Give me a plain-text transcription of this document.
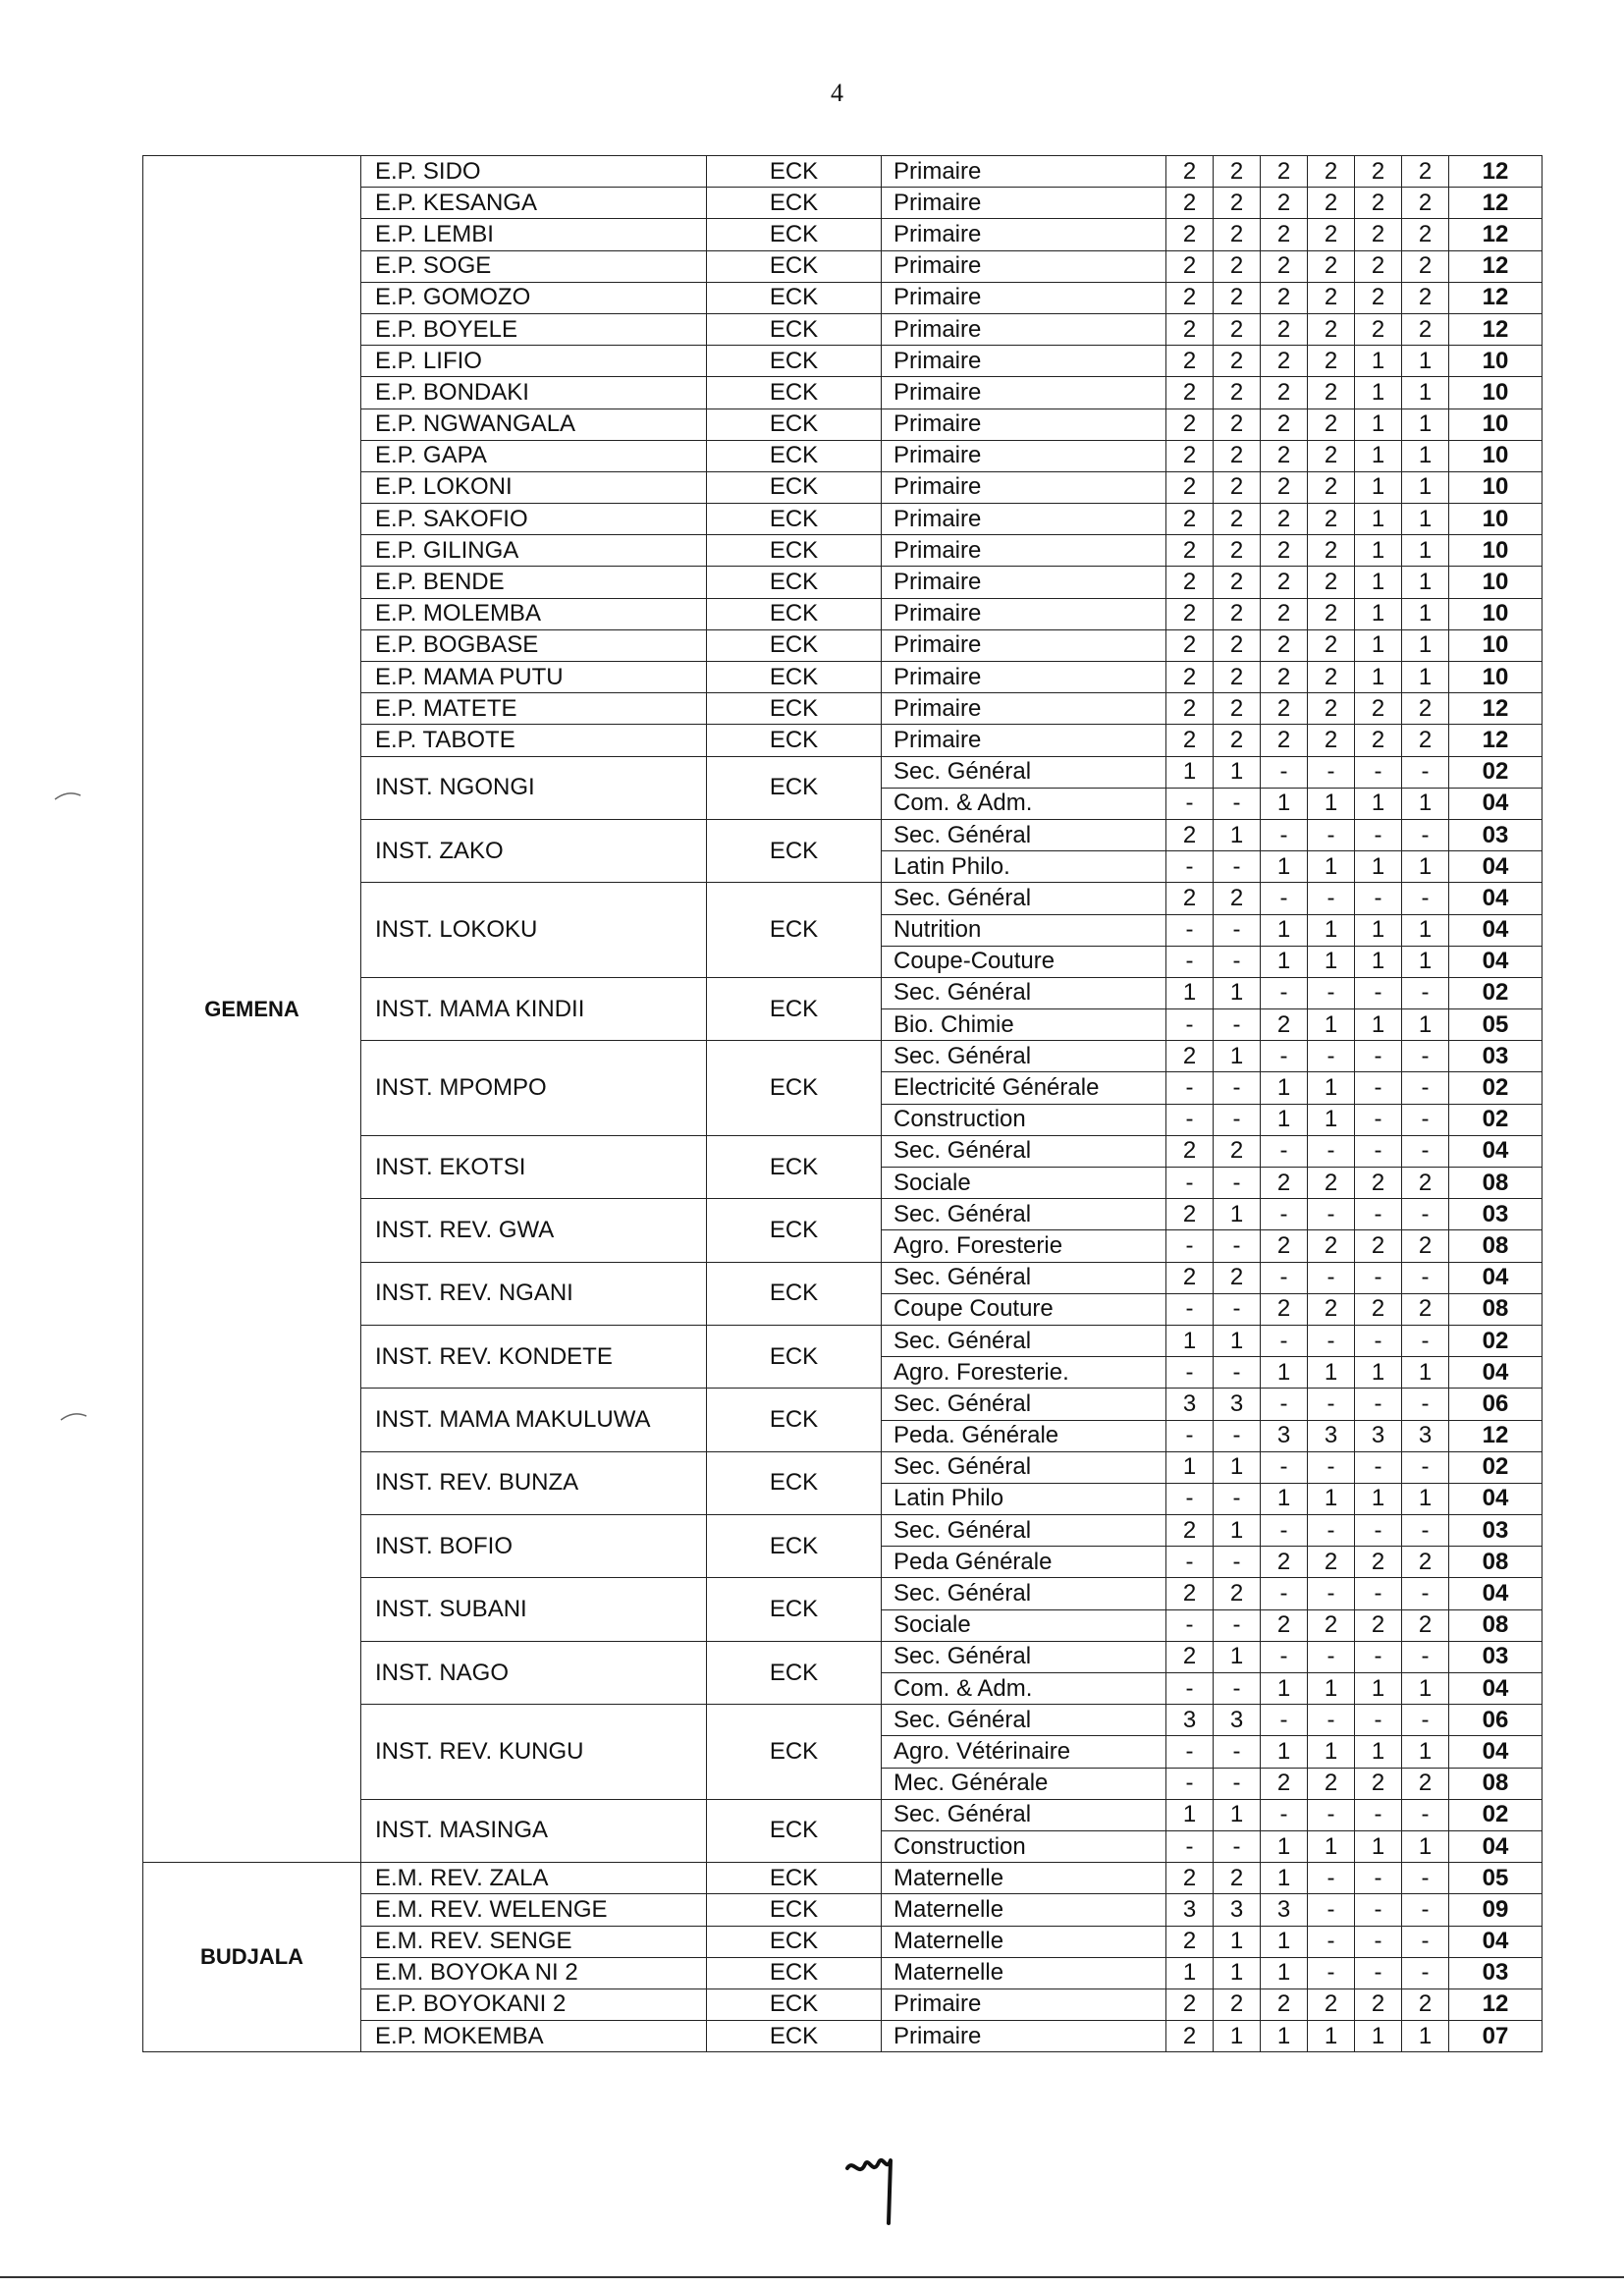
4
GEMENA	E.P. SIDO	ECK	Primaire	2	2	2	2	2	2	12
	E.P. KESANGA	ECK	Primaire	2	2	2	2	2	2	12
	E.P. LEMBI	ECK	Primaire	2	2	2	2	2	2	12
	E.P. SOGE	ECK	Primaire	2	2	2	2	2	2	12
	E.P. GOMOZO	ECK	Primaire	2	2	2	2	2	2	12
	E.P. BOYELE	ECK	Primaire	2	2	2	2	2	2	12
	E.P. LIFIO	ECK	Primaire	2	2	2	2	1	1	10
	E.P. BONDAKI	ECK	Primaire	2	2	2	2	1	1	10
	E.P. NGWANGALA	ECK	Primaire	2	2	2	2	1	1	10
	E.P. GAPA	ECK	Primaire	2	2	2	2	1	1	10
	E.P. LOKONI	ECK	Primaire	2	2	2	2	1	1	10
	E.P. SAKOFIO	ECK	Primaire	2	2	2	2	1	1	10
	E.P. GILINGA	ECK	Primaire	2	2	2	2	1	1	10
	E.P. BENDE	ECK	Primaire	2	2	2	2	1	1	10
	E.P. MOLEMBA	ECK	Primaire	2	2	2	2	1	1	10
	E.P. BOGBASE	ECK	Primaire	2	2	2	2	1	1	10
	E.P. MAMA PUTU	ECK	Primaire	2	2	2	2	1	1	10
	E.P. MATETE	ECK	Primaire	2	2	2	2	2	2	12
	E.P. TABOTE	ECK	Primaire	2	2	2	2	2	2	12
	INST. NGONGI	ECK	Sec. Général	1	1	-	-	-	-	02
			Com. & Adm.	-	-	1	1	1	1	04
	INST. ZAKO	ECK	Sec. Général	2	1	-	-	-	-	03
			Latin Philo.	-	-	1	1	1	1	04
	INST. LOKOKU	ECK	Sec. Général	2	2	-	-	-	-	04
			Nutrition	-	-	1	1	1	1	04
			Coupe-Couture	-	-	1	1	1	1	04
	INST. MAMA KINDII	ECK	Sec. Général	1	1	-	-	-	-	02
			Bio. Chimie	-	-	2	1	1	1	05
	INST. MPOMPO	ECK	Sec. Général	2	1	-	-	-	-	03
			Electricité Générale	-	-	1	1	-	-	02
			Construction	-	-	1	1	-	-	02
	INST. EKOTSI	ECK	Sec. Général	2	2	-	-	-	-	04
			Sociale	-	-	2	2	2	2	08
	INST. REV. GWA	ECK	Sec. Général	2	1	-	-	-	-	03
			Agro. Foresterie	-	-	2	2	2	2	08
	INST. REV. NGANI	ECK	Sec. Général	2	2	-	-	-	-	04
			Coupe Couture	-	-	2	2	2	2	08
	INST. REV. KONDETE	ECK	Sec. Général	1	1	-	-	-	-	02
			Agro. Foresterie.	-	-	1	1	1	1	04
	INST. MAMA MAKULUWA	ECK	Sec. Général	3	3	-	-	-	-	06
			Peda. Générale	-	-	3	3	3	3	12
	INST. REV. BUNZA	ECK	Sec. Général	1	1	-	-	-	-	02
			Latin Philo	-	-	1	1	1	1	04
	INST. BOFIO	ECK	Sec. Général	2	1	-	-	-	-	03
			Peda Générale	-	-	2	2	2	2	08
	INST. SUBANI	ECK	Sec. Général	2	2	-	-	-	-	04
			Sociale	-	-	2	2	2	2	08
	INST. NAGO	ECK	Sec. Général	2	1	-	-	-	-	03
			Com. & Adm.	-	-	1	1	1	1	04
	INST. REV. KUNGU	ECK	Sec. Général	3	3	-	-	-	-	06
			Agro. Vétérinaire	-	-	1	1	1	1	04
			Mec. Générale	-	-	2	2	2	2	08
	INST. MASINGA	ECK	Sec. Général	1	1	-	-	-	-	02
			Construction	-	-	1	1	1	1	04
BUDJALA	E.M. REV. ZALA	ECK	Maternelle	2	2	1	-	-	-	05
	E.M. REV. WELENGE	ECK	Maternelle	3	3	3	-	-	-	09
	E.M. REV. SENGE	ECK	Maternelle	2	1	1	-	-	-	04
	E.M. BOYOKA NI 2	ECK	Maternelle	1	1	1	-	-	-	03
	E.P. BOYOKANI 2	ECK	Primaire	2	2	2	2	2	2	12
	E.P. MOKEMBA	ECK	Primaire	2	1	1	1	1	1	07
